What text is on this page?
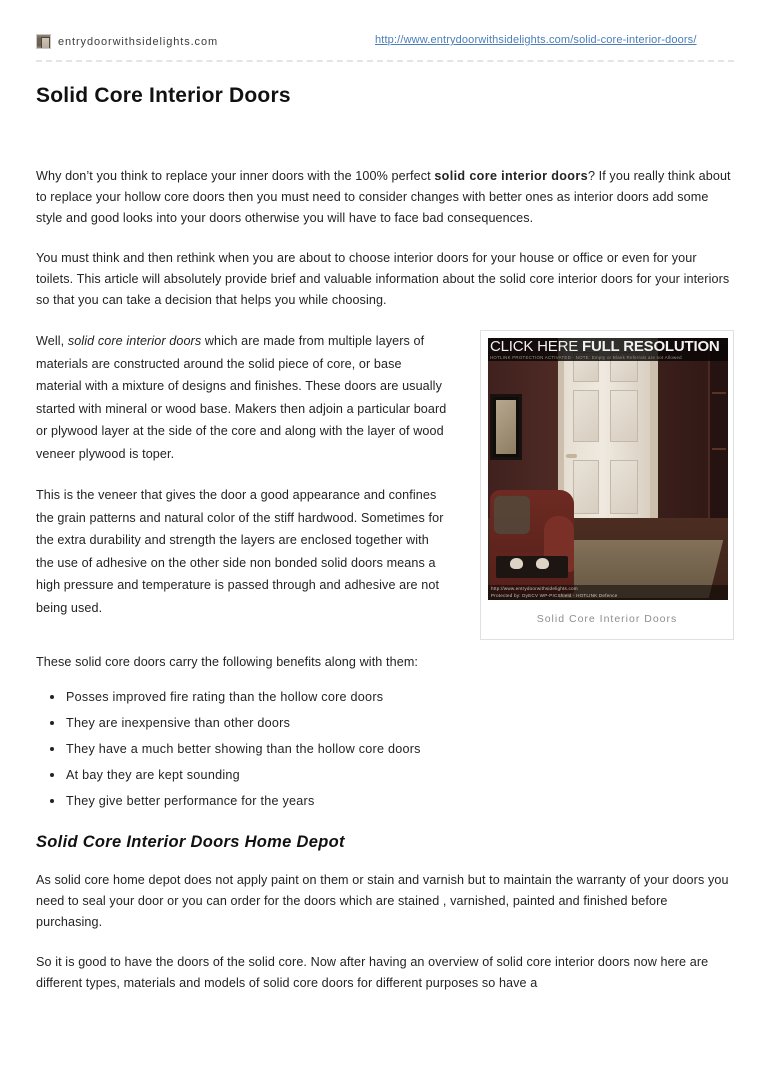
entrydoorwithsidelights.com	http://www.entrydoorwithsidelights.com/solid-core-interior-doors/
Solid Core Interior Doors

Why don’t you think to replace your inner doors with the 100% perfect solid core interior doors? If you really think about to replace your hollow core doors then you must need to consider changes with better ones as interior doors add some style and good looks into your doors otherwise you will have to face bad consequences.

You must think and then rethink when you are about to choose interior doors for your house or office or even for your toilets. This article will absolutely provide brief and valuable information about the solid core interior doors for your interiors so that you can take a decision that helps you while choosing.

CLICK HERE FULL RESOLUTION
HOTLINK PROTECTION ACTIVATED - NOTE: Empty or Blank Referrals are not Allowed
http://www.entrydoorwithsidelights.com
Protected by: DyECV WP-PICShield - HOTLINK Defence
Solid Core Interior Doors

Well, solid core interior doors which are made from multiple layers of materials are constructed around the solid piece of core, or base material with a mixture of designs and finishes. These doors are usually started with mineral or wood base. Makers then adjoin a particular board or plywood layer at the side of the core and along with the layer of wood veneer plywood is toper.

This is the veneer that gives the door a good appearance and confines the grain patterns and natural color of the stiff hardwood. Sometimes for the extra durability and strength the layers are enclosed together with the use of adhesive on the other side non bonded solid doors means a high pressure and temperature is passed through and adhesive are not being used.

These solid core doors carry the following benefits along with them:

Posses improved fire rating than the hollow core doors
They are inexpensive than other doors
They have a much better showing than the hollow core doors
At bay they are kept sounding
They give better performance for the years
Solid Core Interior Doors Home Depot

As solid core home depot does not apply paint on them or stain and varnish but to maintain the warranty of your doors you need to seal your door or you can order for the doors which are stained , varnished, painted and finished before purchasing.

So it is good to have the doors of the solid core. Now after having an overview of solid core interior doors now here are different types, materials and models of solid core doors for different purposes so have a
